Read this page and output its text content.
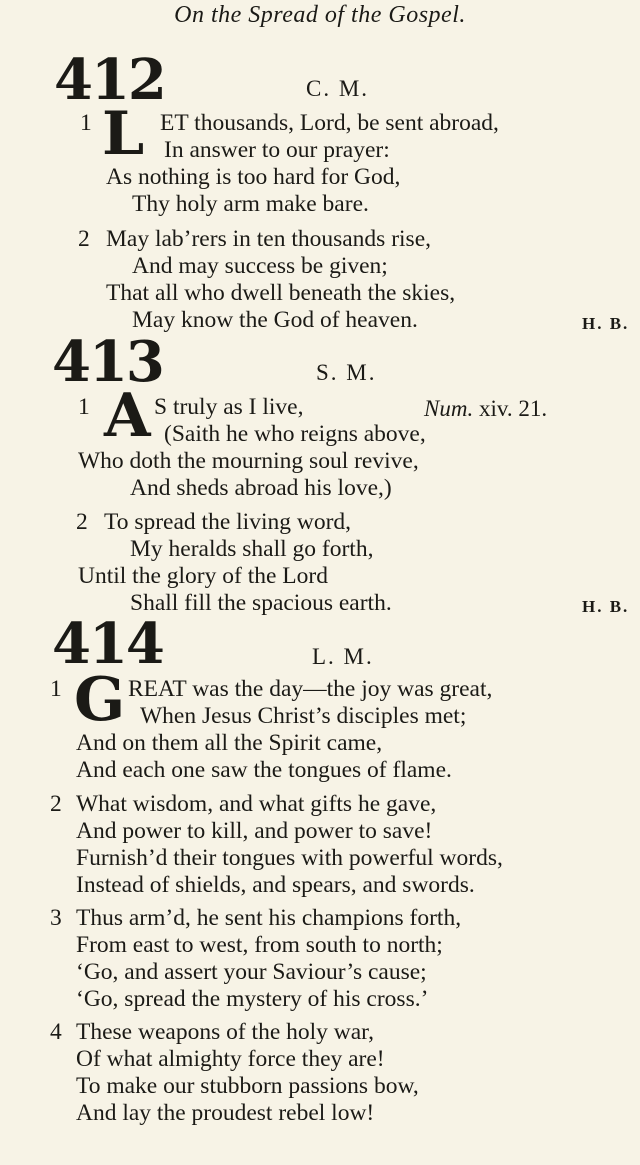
On the Spread of the Gospel.
412	C. M.
1 L ET thousands, Lord, be sent abroad,
In answer to our prayer:
As nothing is too hard for God,
Thy holy arm make bare.
2 May lab’rers in ten thousands rise,
And may success be given;
That all who dwell beneath the skies,
May know the God of heaven.	H. B.
413	S. M.
1 A S truly as I live,	Num. xiv. 21.
(Saith he who reigns above,
Who doth the mourning soul revive,
And sheds abroad his love,)
2 To spread the living word,
My heralds shall go forth,
Until the glory of the Lord
Shall fill the spacious earth.	H. B.
414	L. M.
1 G REAT was the day—the joy was great,
When Jesus Christ’s disciples met;
And on them all the Spirit came,
And each one saw the tongues of flame.
2 What wisdom, and what gifts he gave,
And power to kill, and power to save!
Furnish’d their tongues with powerful words,
Instead of shields, and spears, and swords.
3 Thus arm’d, he sent his champions forth,
From east to west, from south to north;
‘Go, and assert your Saviour’s cause;
‘Go, spread the mystery of his cross.’
4 These weapons of the holy war,
Of what almighty force they are!
To make our stubborn passions bow,
And lay the proudest rebel low!
